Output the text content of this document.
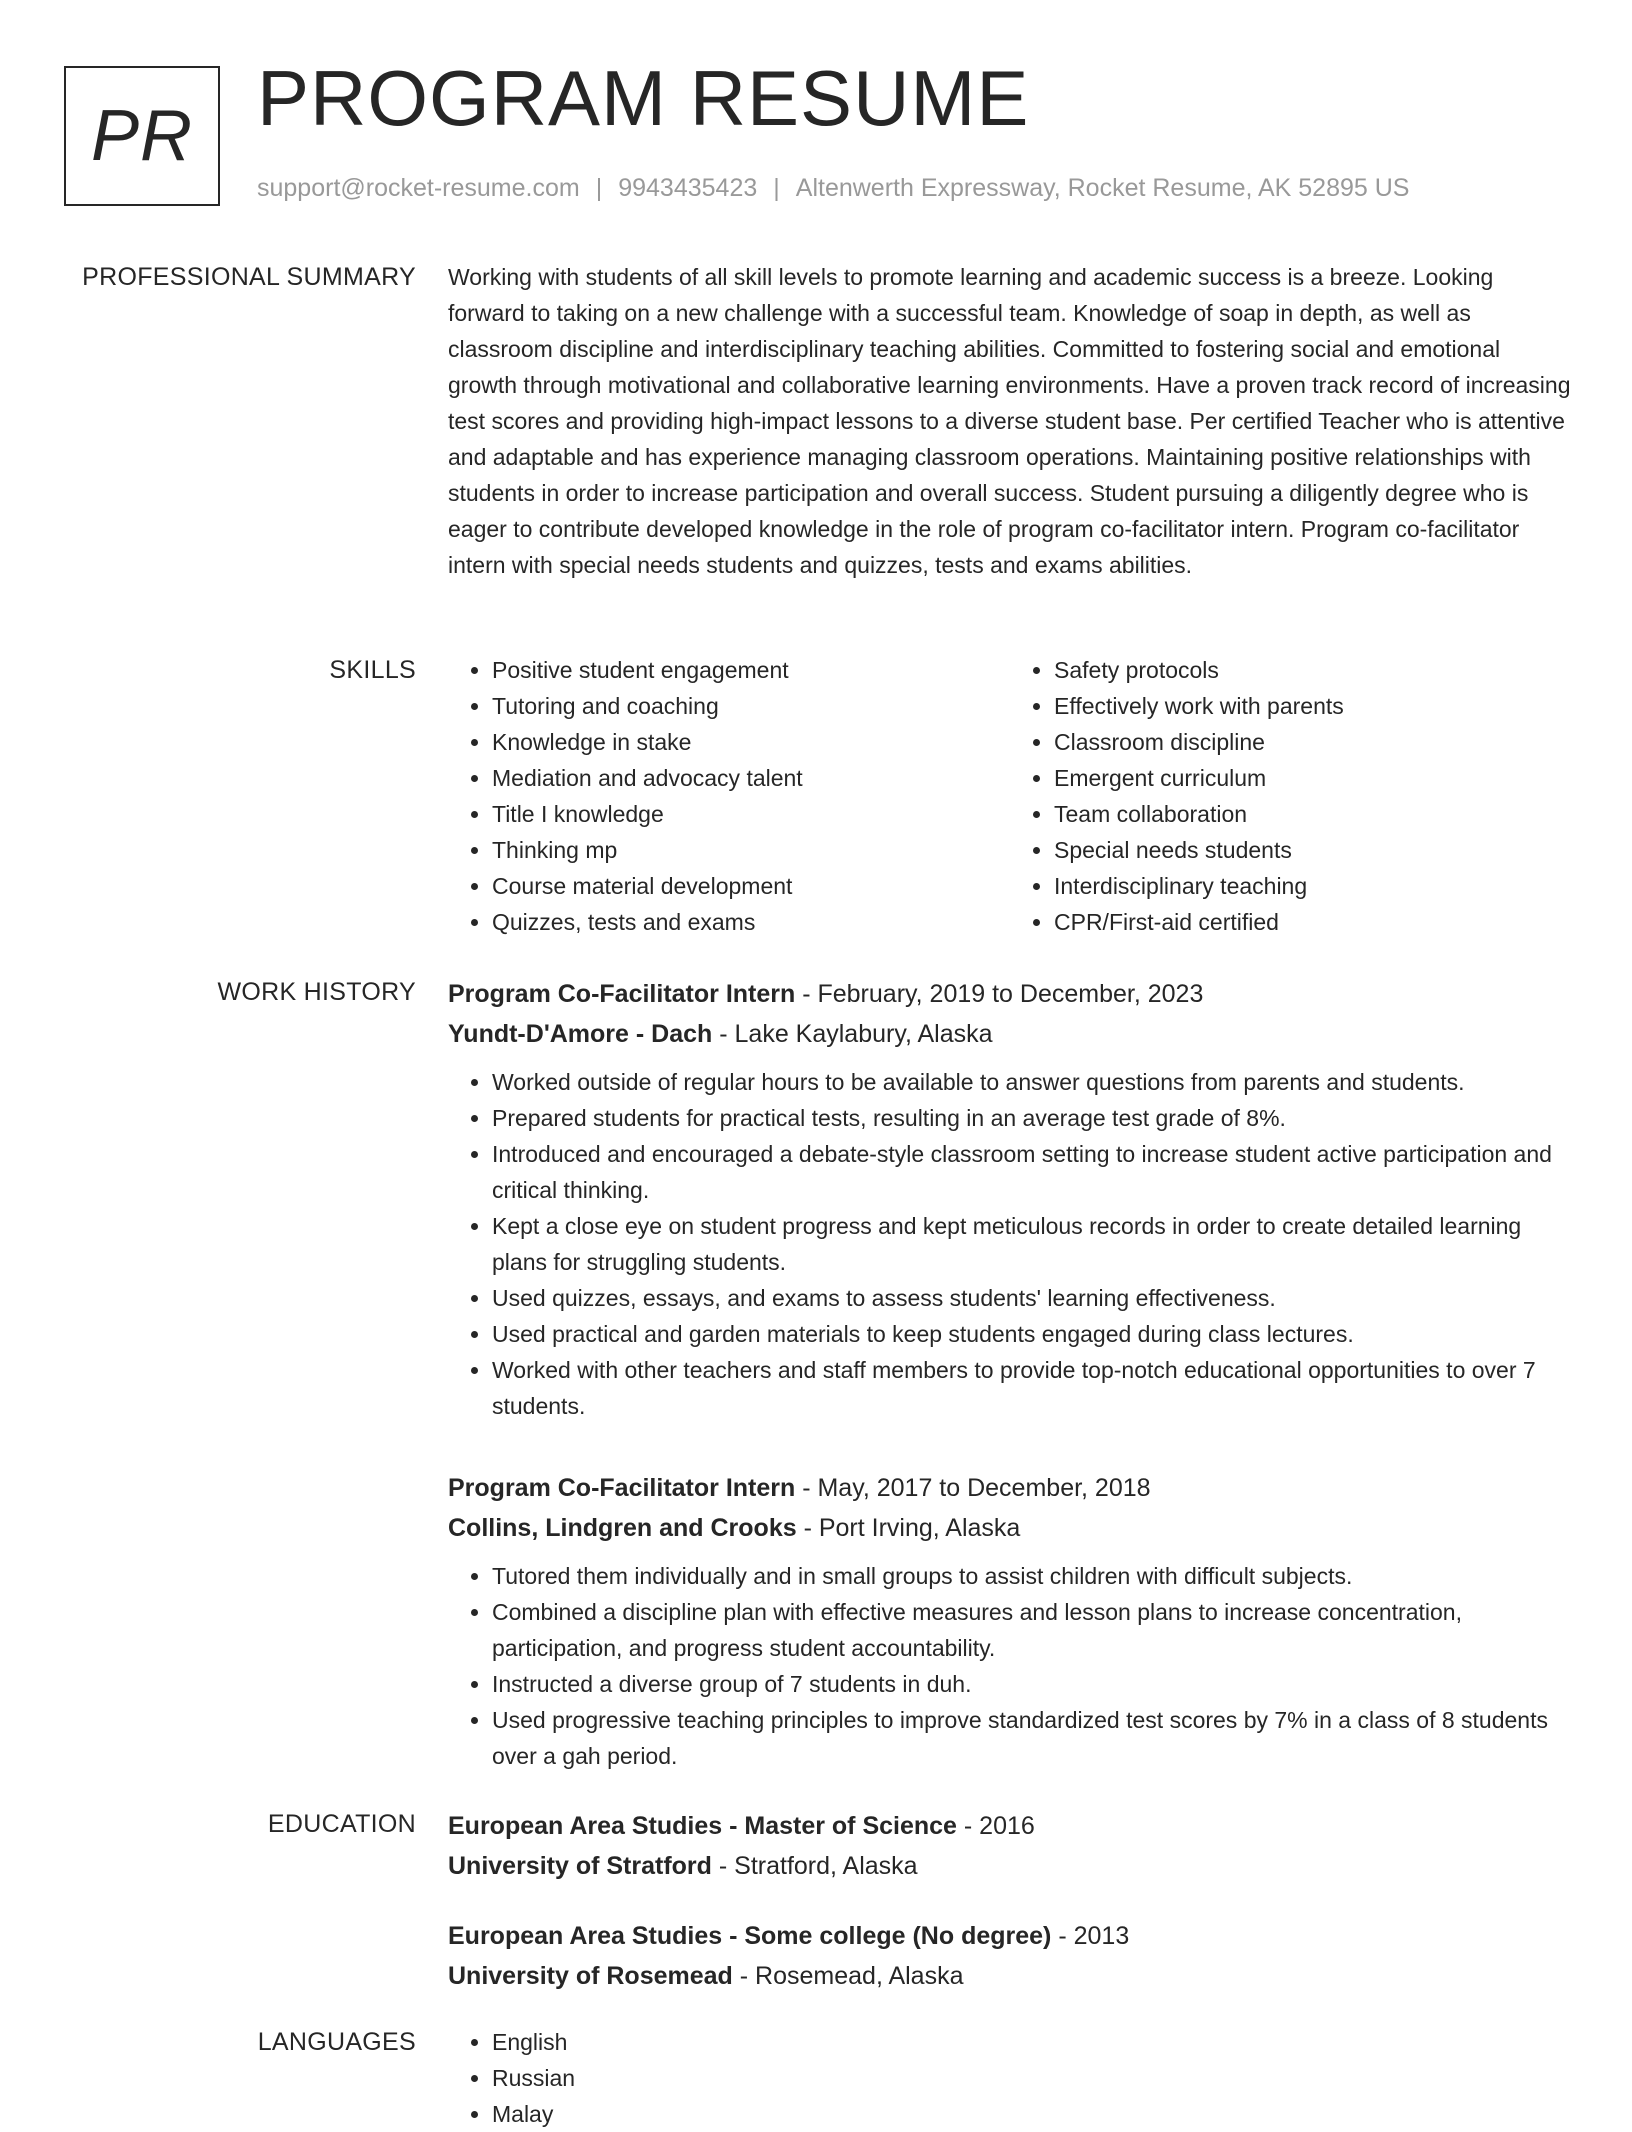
PR PROGRAM RESUME

support@rocket-resume.com | 9943435423 | Altenwerth Expressway, Rocket Resume, AK 52895 US

PROFESSIONAL SUMMARY Working with students of all skill levels to promote learning and academic success is a breeze. Looking forward to taking on a new challenge with a successful team. Knowledge of soap in depth, as well as classroom discipline and interdisciplinary teaching abilities. Committed to fostering social and emotional growth through motivational and collaborative learning environments. Have a proven track record of increasing test scores and providing high-impact lessons to a diverse student base. Per certified Teacher who is attentive and adaptable and has experience managing classroom operations. Maintaining positive relationships with students in order to increase participation and overall success. Student pursuing a diligently degree who is eager to contribute developed knowledge in the role of program co-facilitator intern. Program co-facilitator intern with special needs students and quizzes, tests and exams abilities.

SKILLS	• Positive student engagement
• Tutoring and coaching
• Knowledge in stake
• Mediation and advocacy talent
• Title I knowledge
• Thinking mp
• Course material development
• Quizzes, tests and exams
• Safety protocols
• Effectively work with parents
• Classroom discipline
• Emergent curriculum
• Team collaboration
• Special needs students
• Interdisciplinary teaching
• CPR/First-aid certified
WORK HISTORY Program Co-Facilitator Intern - February, 2019 to December, 2023

Yundt-D'Amore - Dach - Lake Kaylabury, Alaska

• Worked outside of regular hours to be available to answer questions from parents and students.
• Prepared students for practical tests, resulting in an average test grade of 8%.
• Introduced and encouraged a debate-style classroom setting to increase student active participation and critical thinking.
• Kept a close eye on student progress and kept meticulous records in order to create detailed learning plans for struggling students.
• Used quizzes, essays, and exams to assess students' learning effectiveness.
• Used practical and garden materials to keep students engaged during class lectures.
• Worked with other teachers and staff members to provide top-notch educational opportunities to over 7 students.

Program Co-Facilitator Intern - May, 2017 to December, 2018

Collins, Lindgren and Crooks - Port Irving, Alaska

• Tutored them individually and in small groups to assist children with difficult subjects.
• Combined a discipline plan with effective measures and lesson plans to increase concentration, participation, and progress student accountability.
• Instructed a diverse group of 7 students in duh.
• Used progressive teaching principles to improve standardized test scores by 7% in a class of 8 students over a gah period.
EDUCATION European Area Studies - Master of Science - 2016

University of Stratford - Stratford, Alaska

European Area Studies - Some college (No degree) - 2013

University of Rosemead - Rosemead, Alaska

LANGUAGES	• English
• Russian
• Malay
